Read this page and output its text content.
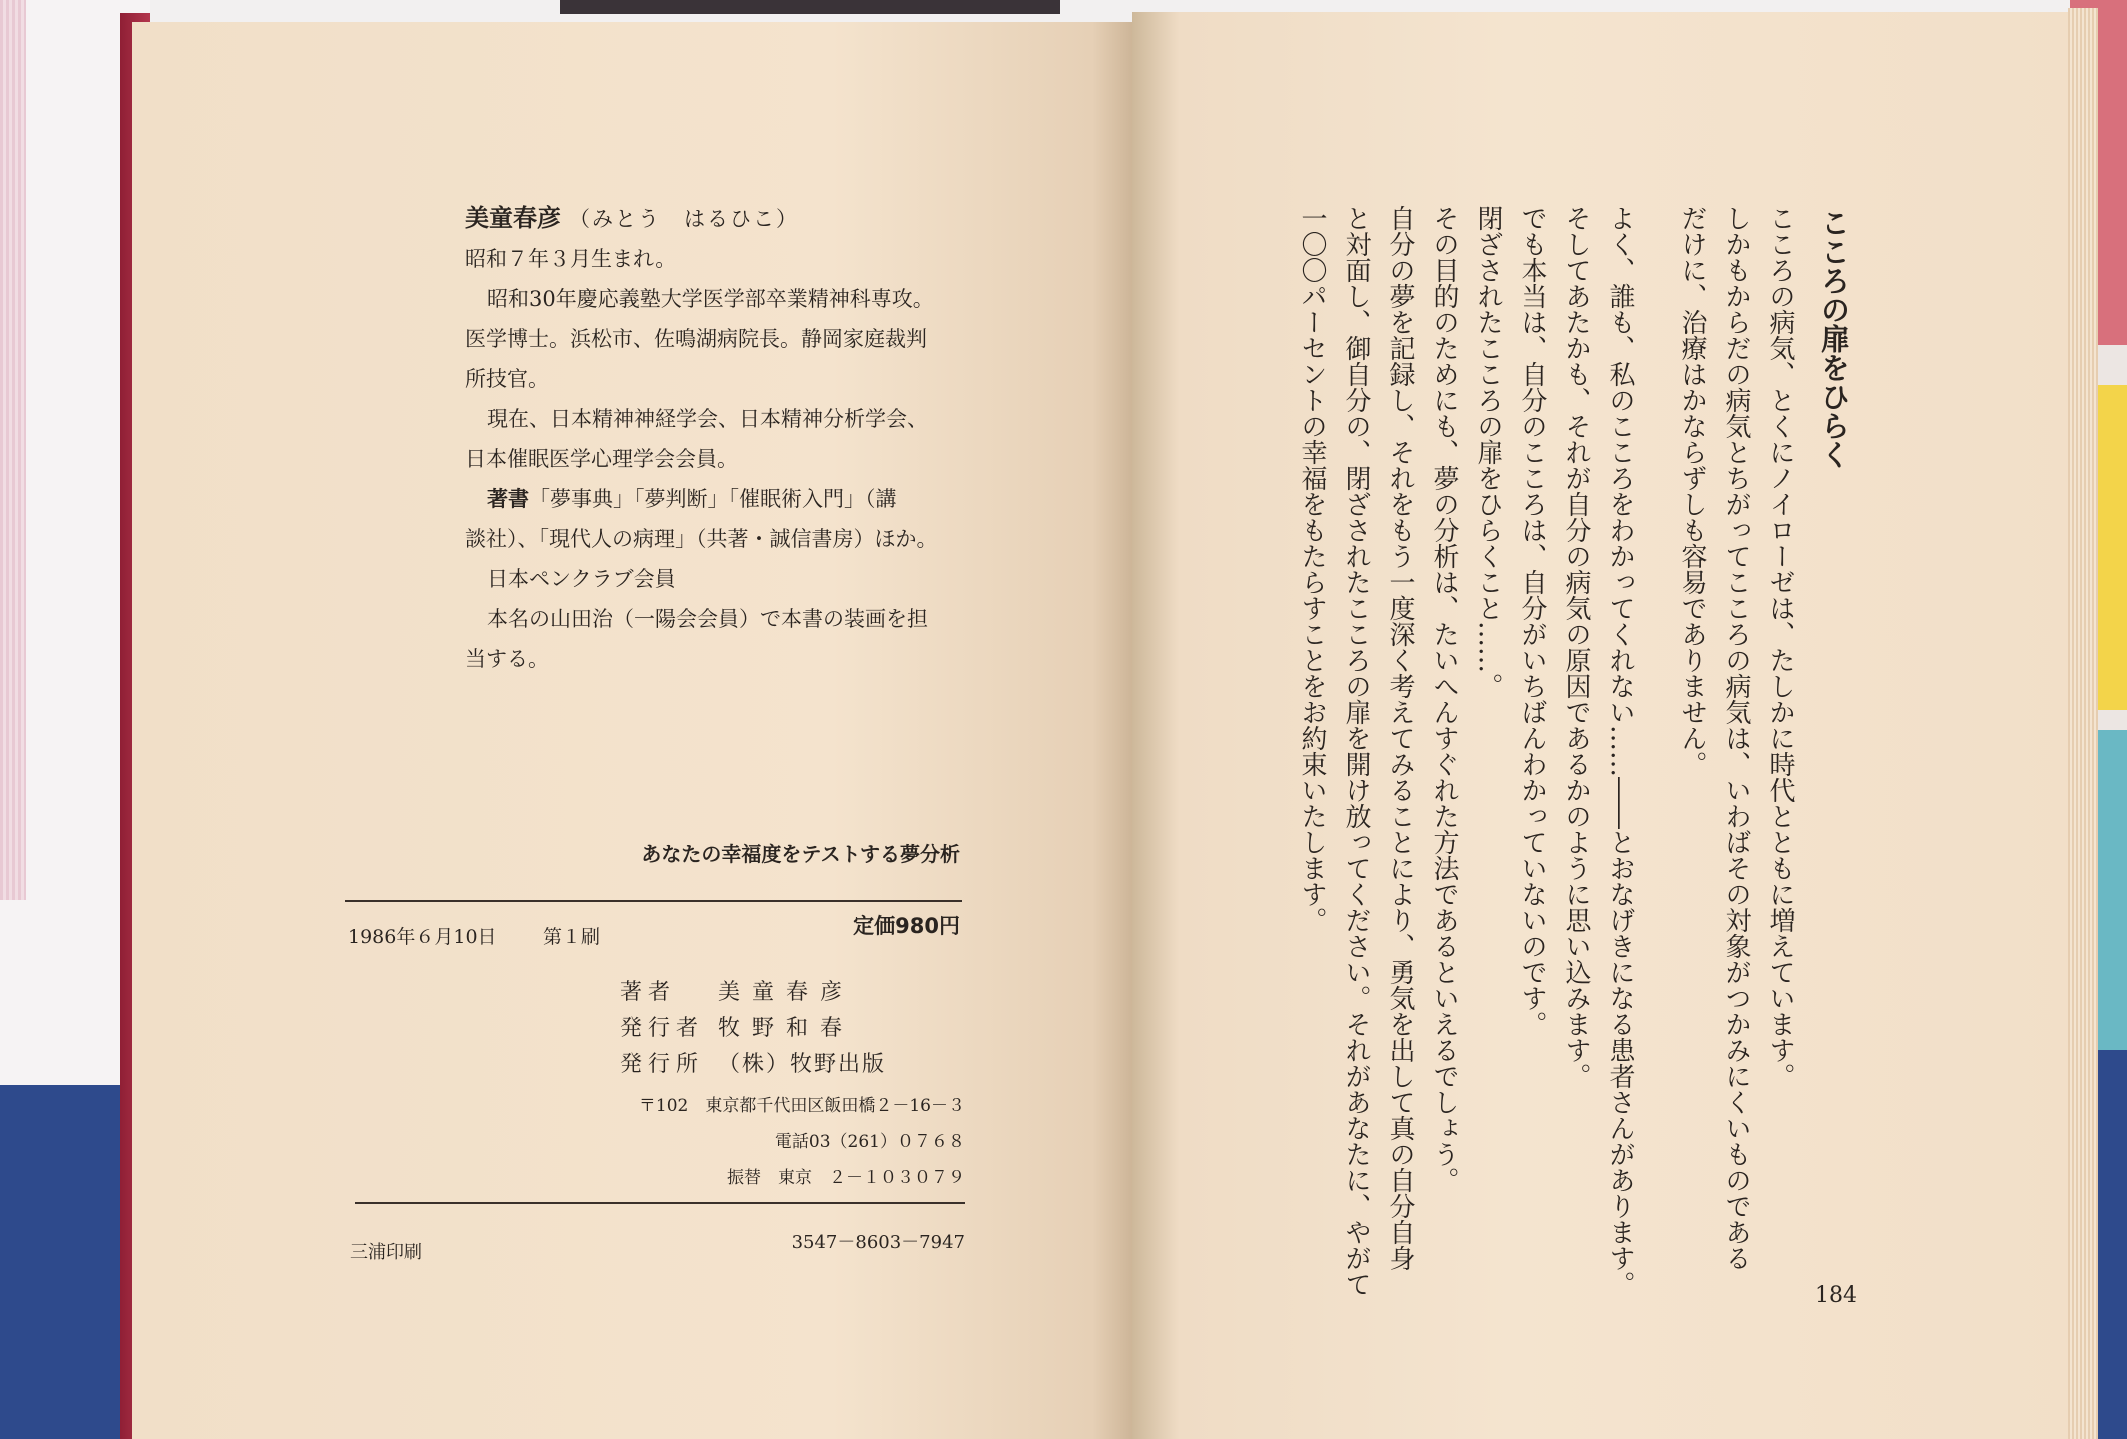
美童春彦 （みとう　はるひこ）
昭和７年３月生まれ。
昭和30年慶応義塾大学医学部卒業精神科専攻。
医学博士。浜松市、佐鳴湖病院長。静岡家庭裁判
所技官。
現在、日本精神神経学会、日本精神分析学会、
日本催眠医学心理学会会員。
著書「夢事典」「夢判断」「催眠術入門」（講
談社）、「現代人の病理」（共著・誠信書房）ほか。
日本ペンクラブ会員
本名の山田治（一陽会会員）で本書の装画を担
当する。
あなたの幸福度をテストする夢分析
1986年６月10日 第１刷	定価980円
著者	美童春彦
発行者 牧野和春
発行所 （株）牧野出版
〒102　東京都千代田区飯田橋２－16－３
電話03（261）０７６８
振替　東京　２－１０３０７９
三浦印刷	3547－8603－7947
こころの扉をひらく
こころの病気、とくにノイローゼは、たしかに時代とともに増えています。
しかもからだの病気とちがってこころの病気は、いわばその対象がつかみにくいものである
だけに、治療はかならずしも容易でありません。
よく、誰も、私のこころをわかってくれない……――とおなげきになる患者さんがあります。
そしてあたかも、それが自分の病気の原因であるかのように思い込みます。
でも本当は、自分のこころは、自分がいちばんわかっていないのです。
閉ざされたこころの扉をひらくこと……。
その目的のためにも、夢の分析は、たいへんすぐれた方法であるといえるでしょう。
自分の夢を記録し、それをもう一度深く考えてみることにより、勇気を出して真の自分自身
と対面し、御自分の、閉ざされたこころの扉を開け放ってください。それがあなたに、やがて
一〇〇パーセントの幸福をもたらすことをお約束いたします。
184
